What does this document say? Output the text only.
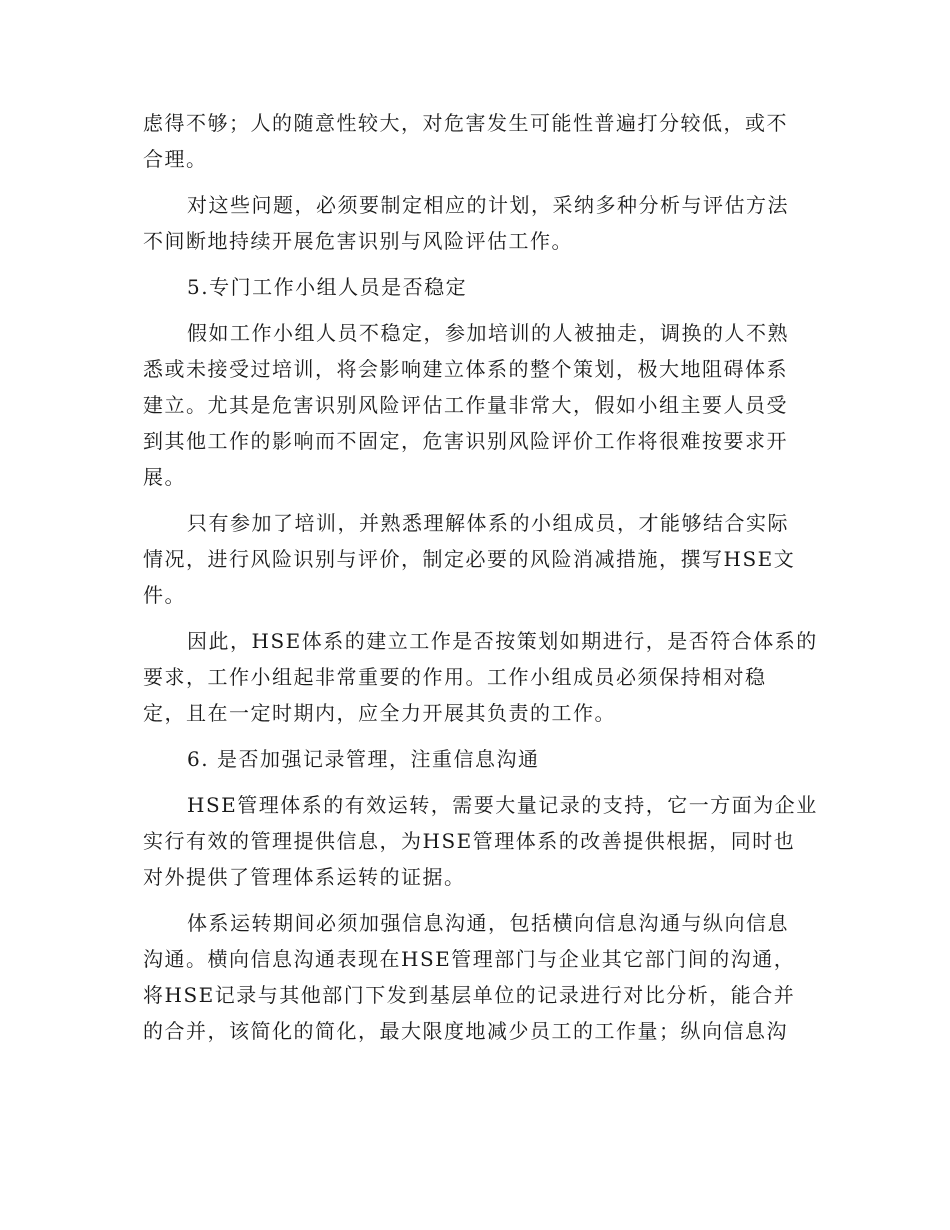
虑得不够；人的随意性较大，对危害发生可能性普遍打分较低，或不
合理。

对这些问题，必须要制定相应的计划，采纳多种分析与评估方法
不间断地持续开展危害识别与风险评估工作。

5.专门工作小组人员是否稳定

假如工作小组人员不稳定，参加培训的人被抽走，调换的人不熟
悉或未接受过培训，将会影响建立体系的整个策划，极大地阻碍体系
建立。尤其是危害识别风险评估工作量非常大，假如小组主要人员受
到其他工作的影响而不固定，危害识别风险评价工作将很难按要求开
展。

只有参加了培训，并熟悉理解体系的小组成员，才能够结合实际
情况，进行风险识别与评价，制定必要的风险消减措施，撰写HSE文
件。

因此，HSE体系的建立工作是否按策划如期进行，是否符合体系的
要求，工作小组起非常重要的作用。工作小组成员必须保持相对稳
定，且在一定时期内，应全力开展其负责的工作。

6. 是否加强记录管理，注重信息沟通

HSE管理体系的有效运转，需要大量记录的支持，它一方面为企业
实行有效的管理提供信息，为HSE管理体系的改善提供根据，同时也
对外提供了管理体系运转的证据。

体系运转期间必须加强信息沟通，包括横向信息沟通与纵向信息
沟通。横向信息沟通表现在HSE管理部门与企业其它部门间的沟通，
将HSE记录与其他部门下发到基层单位的记录进行对比分析，能合并
的合并，该简化的简化，最大限度地减少员工的工作量；纵向信息沟
